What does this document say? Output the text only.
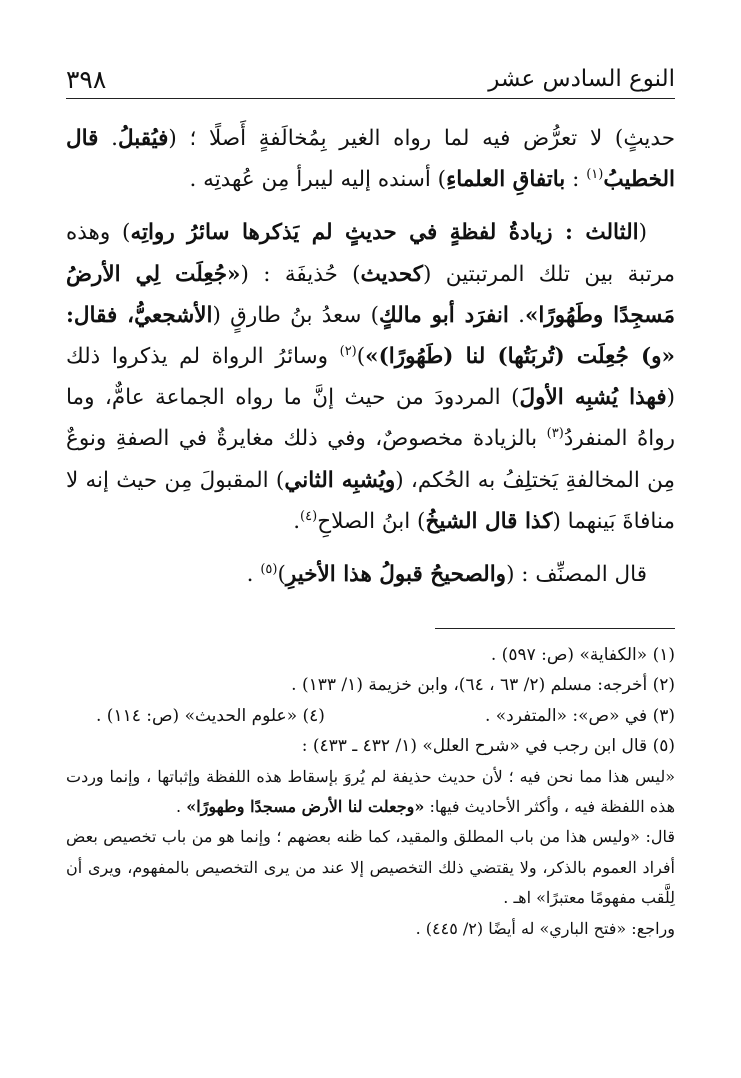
النوع السادس عشر
٣٩٨

حديثٍ) لا تعرُّض فيه لما رواه الغير بِمُخالَفةٍ أَصلًا ؛ (فيُقبلُ. قال الخطيبُ$^{(١)}$ : باتفاقِ العلماءِ) أسنده إليه ليبرأ مِن عُهدتِه .

(الثالث : زيادةُ لفظةٍ في حديثٍ لم يَذكرها سائرُ رواتِه) وهذه مرتبة بين تلك المرتبتين (كحديث) حُذيفَة : («جُعِلَت لِي الأرضُ مَسجِدًا وطَهُورًا». انفرَد أبو مالكٍ) سعدُ بنُ طارقٍ (الأشجعيُّ، فقال: «و) جُعِلَت (تُربَتُها) لنا (طَهُورًا)»)$^{(٢)}$ وسائرُ الرواة لم يذكروا ذلك (فهذا يُشبِه الأولَ) المردودَ من حيث إنَّ ما رواه الجماعة عامٌّ، وما رواهُ المنفردُ$^{(٣)}$ بالزيادة مخصوصٌ، وفي ذلك مغايرةٌ في الصفةِ ونوعٌ مِن المخالفةِ يَختلِفُ به الحُكم، (ويُشبِه الثاني) المقبولَ مِن حيث إنه لا منافاةَ بَينهما (كذا قال الشيخُ) ابنُ الصلاحِ$^{(٤)}$.

قال المصنِّف : (والصحيحُ قبولُ هذا الأخيرِ)$^{(٥)}$ .

(١) «الكفاية» (ص: ٥٩٧) .

(٢) أخرجه: مسلم (٢/ ٦٣ ، ٦٤)، وابن خزيمة (١/ ١٣٣) .

(٣) في «ص»: «المتفرد» .
(٤) «علوم الحديث» (ص: ١١٤) .

(٥) قال ابن رجب في «شرح العلل» (١/ ٤٣٢ ـ ٤٣٣) :

«ليس هذا مما نحن فيه ؛ لأن حديث حذيفة لم يُروَ بإسقاط هذه اللفظة وإثباتها ، وإنما وردت هذه اللفظة فيه ، وأكثر الأحاديث فيها: «وجعلت لنا الأرض مسجدًا وطهورًا» .

قال: «وليس هذا من باب المطلق والمقيد، كما ظنه بعضهم ؛ وإنما هو من باب تخصيص بعض أفراد العموم بالذكر، ولا يقتضي ذلك التخصيص إلا عند من يرى التخصيص بالمفهوم، ويرى أن لِلَّقب مفهومًا معتبرًا» اهـ .

وراجع: «فتح الباري» له أيضًا (٢/ ٤٤٥) .
